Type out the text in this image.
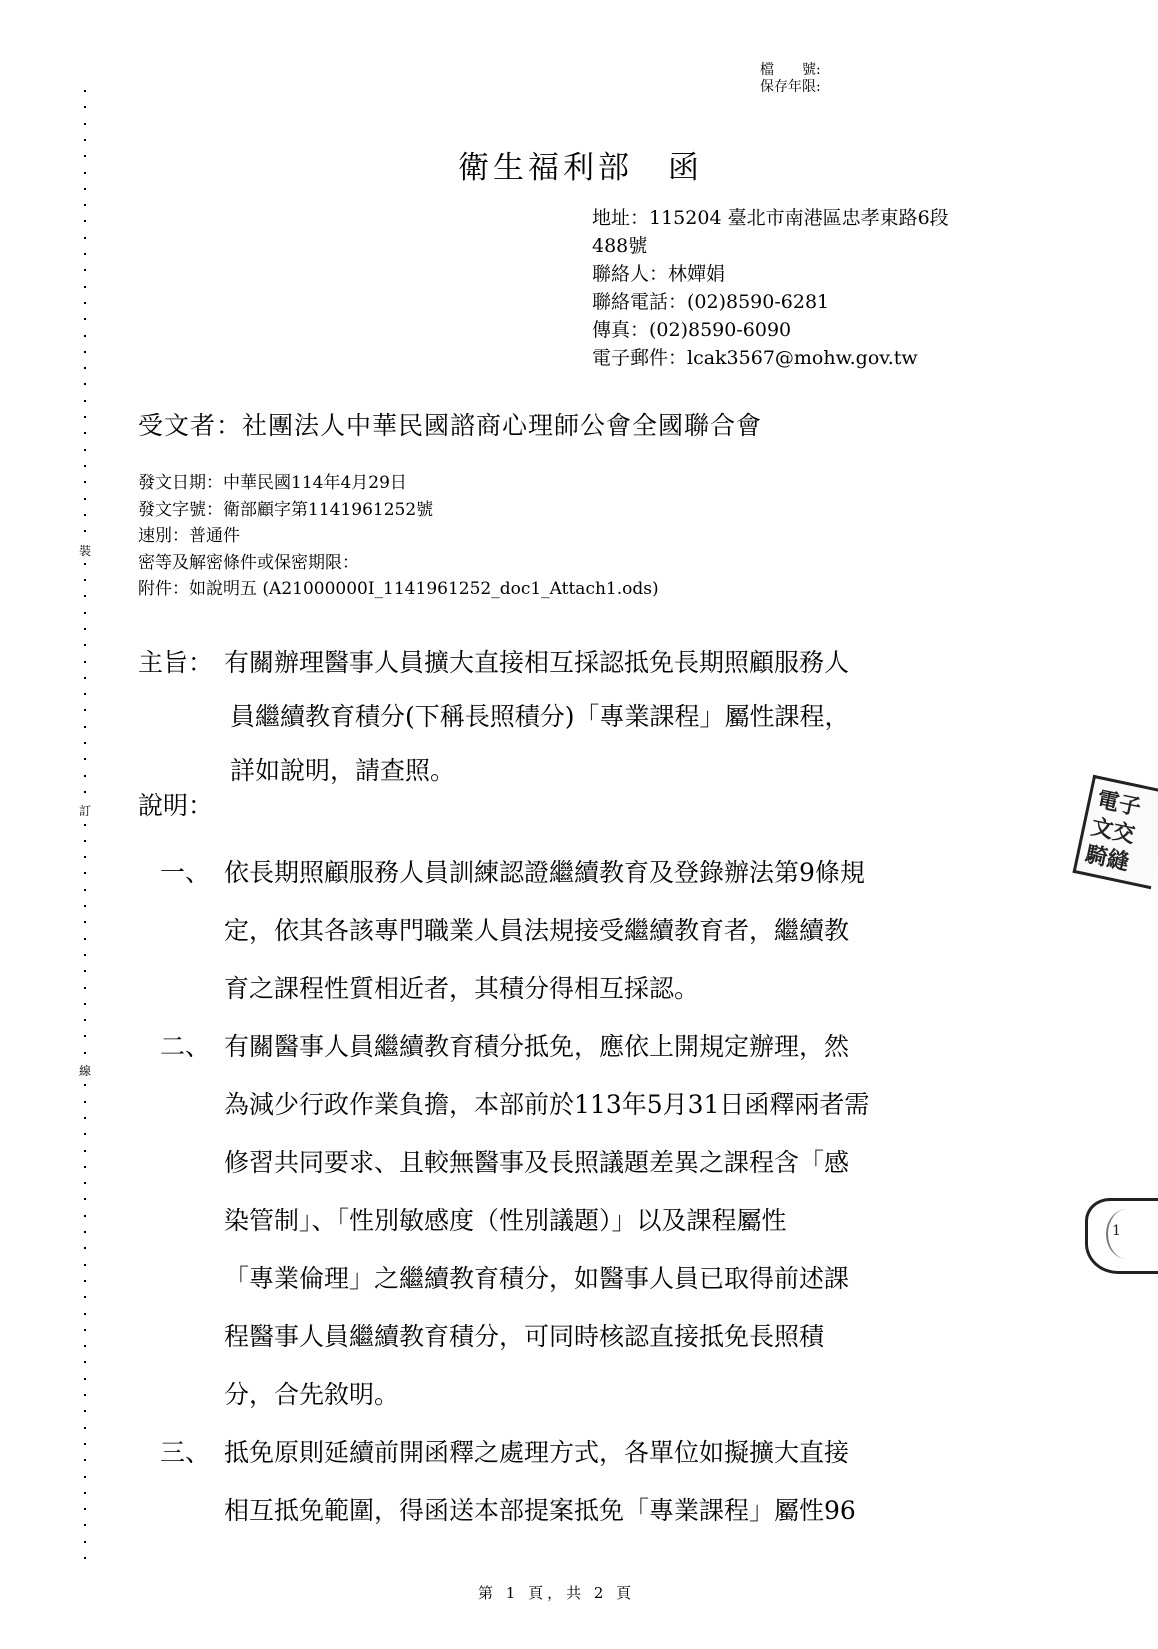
裝
訂
線
檔　　號:
保存年限:
衛生福利部　函
地址：115204 臺北市南港區忠孝東路6段
488號
聯絡人：林嬋娟
聯絡電話：(02)8590-6281
傳真：(02)8590-6090
電子郵件：lcak3567@mohw.gov.tw
受文者：社團法人中華民國諮商心理師公會全國聯合會
發文日期：中華民國114年4月29日
發文字號：衛部顧字第1141961252號
速別：普通件
密等及解密條件或保密期限：
附件：如說明五 (A21000000I_1141961252_doc1_Attach1.ods)
主旨： 有關辦理醫事人員擴大直接相互採認抵免長期照顧服務人
員繼續教育積分(下稱長照積分)「專業課程」屬性課程，
詳如說明，請查照。
說明：
一、 依長期照顧服務人員訓練認證繼續教育及登錄辦法第9條規
定，依其各該專門職業人員法規接受繼續教育者，繼續教
育之課程性質相近者，其積分得相互採認。
二、 有關醫事人員繼續教育積分抵免，應依上開規定辦理，然
為減少行政作業負擔，本部前於113年5月31日函釋兩者需
修習共同要求、且較無醫事及長照議題差異之課程含「感
染管制」、「性別敏感度（性別議題）」以及課程屬性
「專業倫理」之繼續教育積分，如醫事人員已取得前述課
程醫事人員繼續教育積分，可同時核認直接抵免長照積
分，合先敘明。
三、 抵免原則延續前開函釋之處理方式，各單位如擬擴大直接
相互抵免範圍，得函送本部提案抵免「專業課程」屬性96
電子
文交
騎縫
1
第 1 頁，共 2 頁
